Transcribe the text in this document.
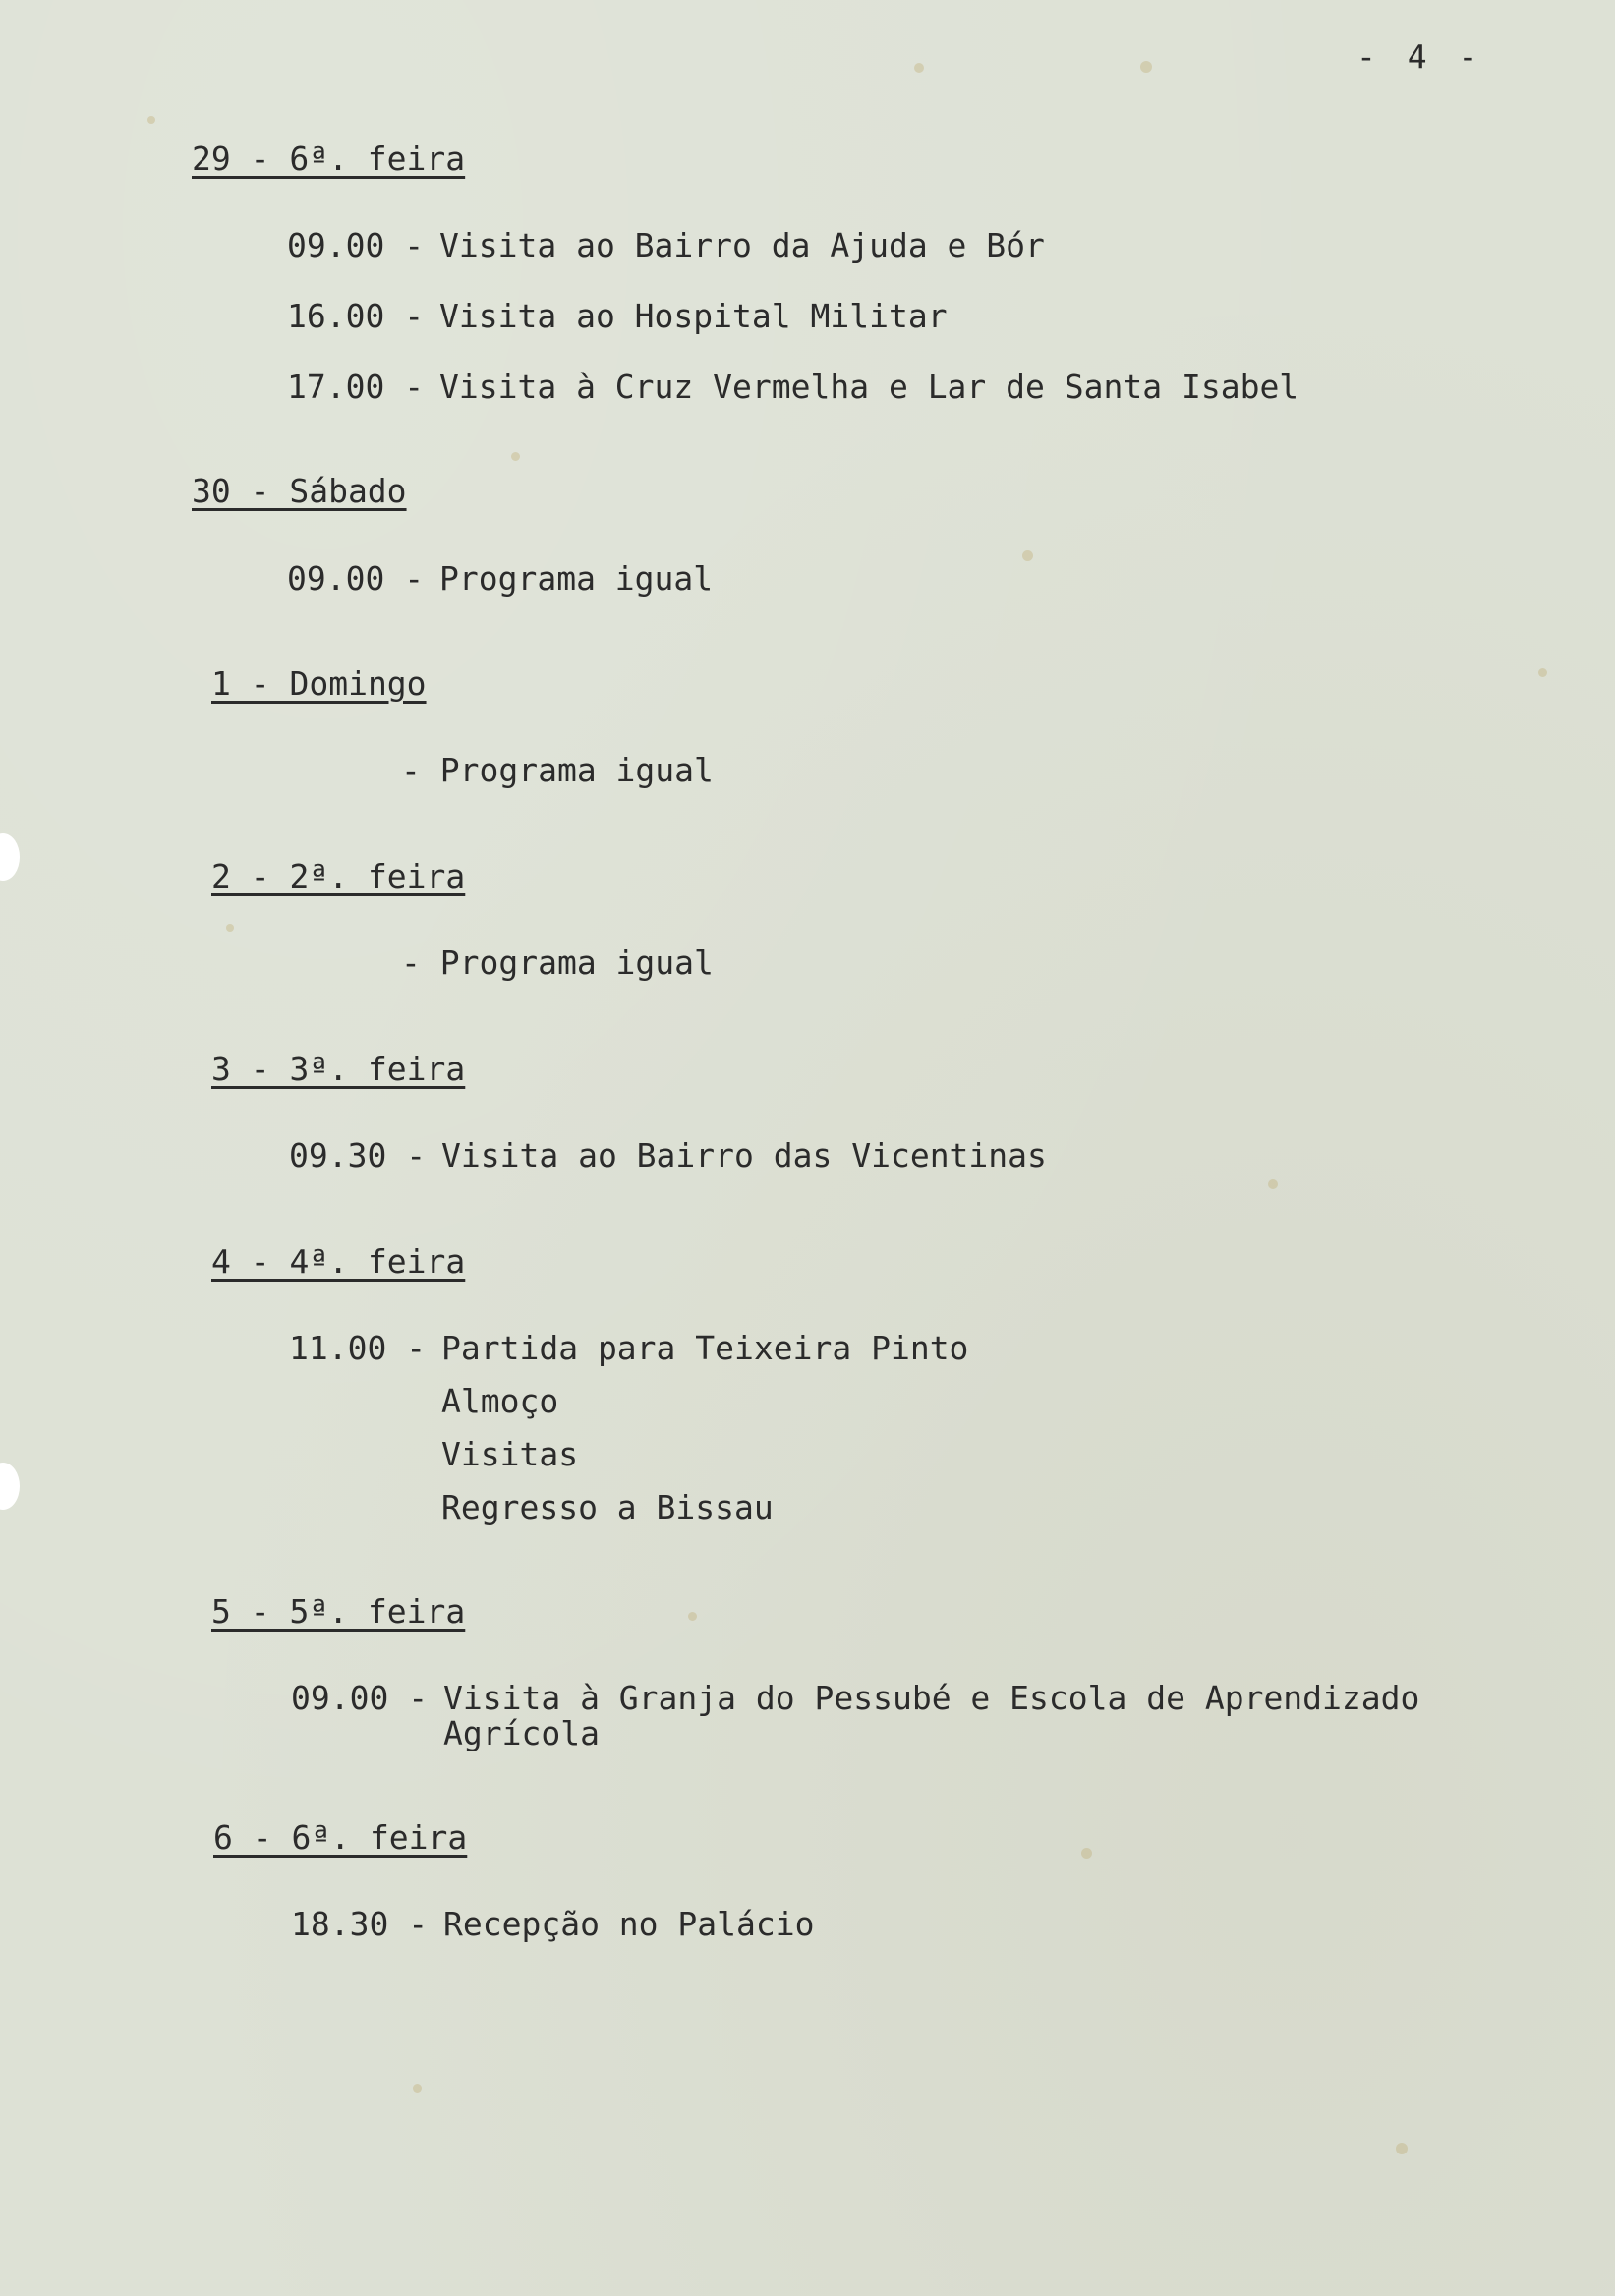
- 4 -
29 - 6ª. feira
09.00 - Visita ao Bairro da Ajuda e Bór
16.00 - Visita ao Hospital Militar
17.00 - Visita à Cruz Vermelha e Lar de Santa Isabel
30 - Sábado
09.00 - Programa igual
1 - Domingo
- Programa igual
2 - 2ª. feira
- Programa igual
3 - 3ª. feira
09.30 - Visita ao Bairro das Vicentinas
4 - 4ª. feira
11.00 - Partida para Teixeira Pinto
Almoço
Visitas
Regresso a Bissau
5 - 5ª. feira
09.00 - Visita à Granja do Pessubé e Escola de Aprendizado
Agrícola
6 - 6ª. feira
18.30 - Recepção no Palácio
